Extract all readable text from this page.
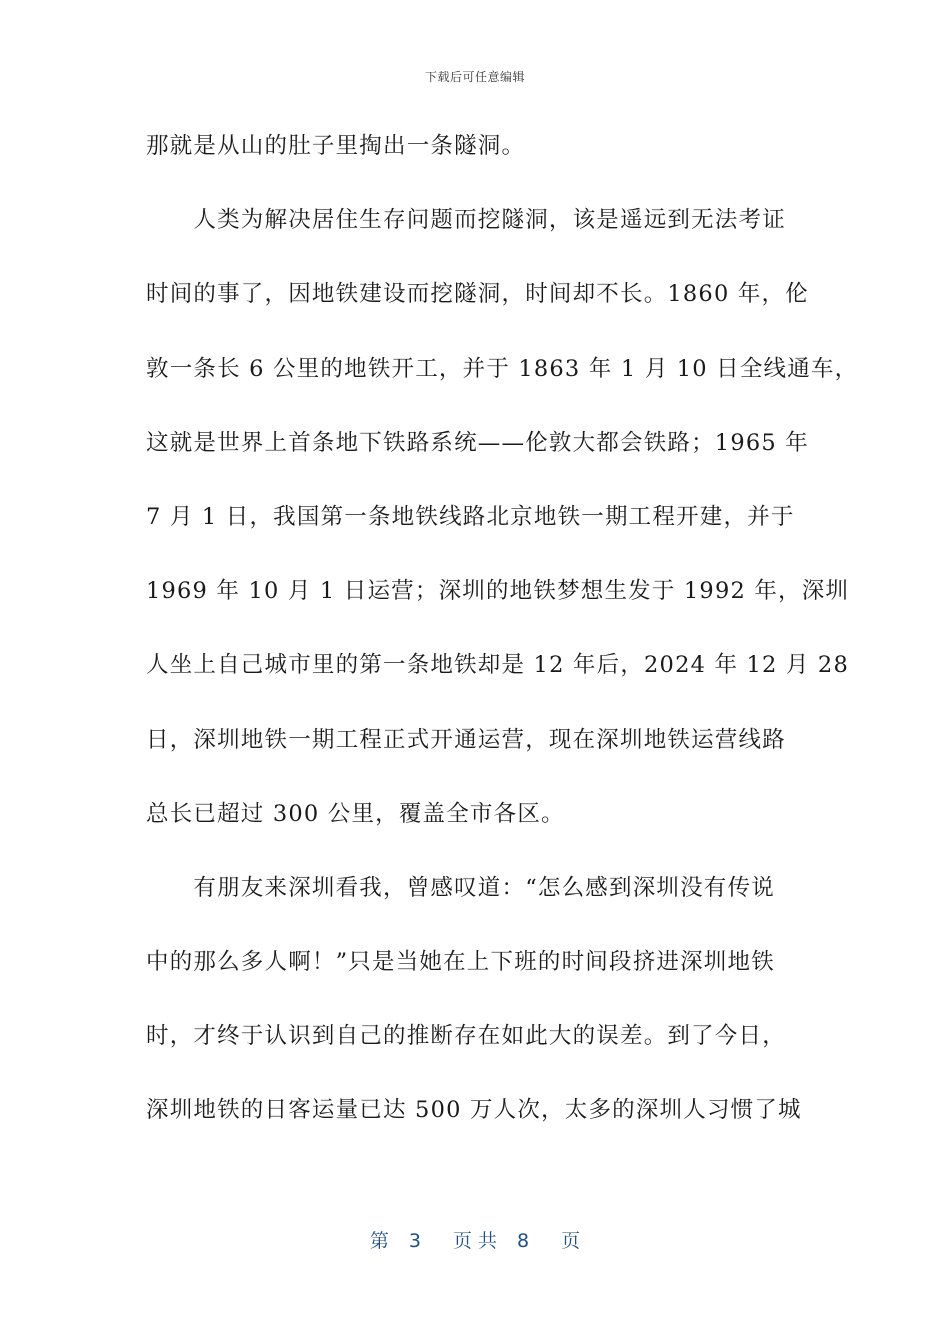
下载后可任意编辑
那就是从山的肚子里掏出一条隧洞。
　　人类为解决居住生存问题而挖隧洞，该是遥远到无法考证
时间的事了，因地铁建设而挖隧洞，时间却不长。1860 年，伦
敦一条长 6 公里的地铁开工，并于 1863 年 1 月 10 日全线通车，
这就是世界上首条地下铁路系统——伦敦大都会铁路；1965 年
7 月 1 日，我国第一条地铁线路北京地铁一期工程开建，并于
1969 年 10 月 1 日运营；深圳的地铁梦想生发于 1992 年，深圳
人坐上自己城市里的第一条地铁却是 12 年后，2024 年 12 月 28
日，深圳地铁一期工程正式开通运营，现在深圳地铁运营线路
总长已超过 300 公里，覆盖全市各区。
　　有朋友来深圳看我，曾感叹道：“怎么感到深圳没有传说
中的那么多人啊！”只是当她在上下班的时间段挤进深圳地铁
时，才终于认识到自己的推断存在如此大的误差。到了今日，
深圳地铁的日客运量已达 500 万人次，太多的深圳人习惯了城
第 3 页 共 8 页
